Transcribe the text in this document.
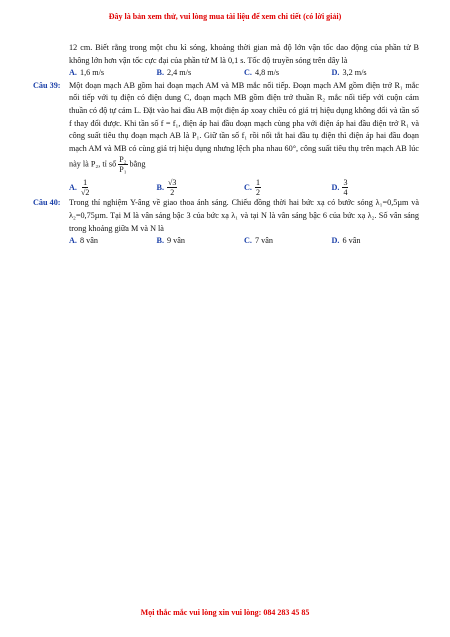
Đây là bản xem thử, vui lòng mua tài liệu để xem chi tiết (có lời giải)

12 cm. Biết rằng trong một chu kì sóng, khoảng thời gian mà độ lớn vận tốc dao động của phần tử B không lớn hơn vận tốc cực đại của phần tử M là 0,1 s. Tốc độ truyền sóng trên dây là

A. 1,6 m/s	B. 2,4 m/s	C. 4,8 m/s	D. 3,2 m/s
Câu 39: Một đoạn mạch AB gồm hai đoạn mạch AM và MB mắc nối tiếp. Đoạn mạch AM gồm điện trở R₁ mắc nối tiếp với tụ điện có điện dung C, đoạn mạch MB gồm điện trở thuần R₂ mắc nối tiếp với cuộn cảm thuần có độ tự cảm L. Đặt vào hai đầu AB một điện áp xoay chiều có giá trị hiệu dụng không đổi và tần số f thay đổi được. Khi tần số f = f₁, điện áp hai đầu đoạn mạch cùng pha với điện áp hai đầu điện trở R₁ và công suất tiêu thụ đoạn mạch AB là P₁. Giữ tần số f₁ rồi nối tắt hai đầu tụ điện thì điện áp hai đầu đoạn mạch AM và MB có cùng giá trị hiệu dụng nhưng lệch pha nhau 60°, công suất tiêu thụ trên mạch AB lúc này là P₂, tỉ số $\frac{\text{P₂}}{\text{P₁}}$ bằng

A. $\frac{1}{√2}$	B. $\frac{√3}{2}$	C. $\frac{1}{2}$	D. $\frac{3}{4}$
Câu 40: Trong thí nghiệm Y-âng về giao thoa ánh sáng. Chiếu đồng thời hai bức xạ có bước sóng λ₁=0,5µm và λ₂=0,75µm. Tại M là vân sáng bậc 3 của bức xạ λ₁ và tại N là vân sáng bậc 6 của bức xạ λ₂. Số vân sáng trong khoảng giữa M và N là

A. 8 vân	B. 9 vân	C. 7 vân	D. 6 vân
Mọi thắc mắc vui lòng xin vui lòng: 084 283 45 85
